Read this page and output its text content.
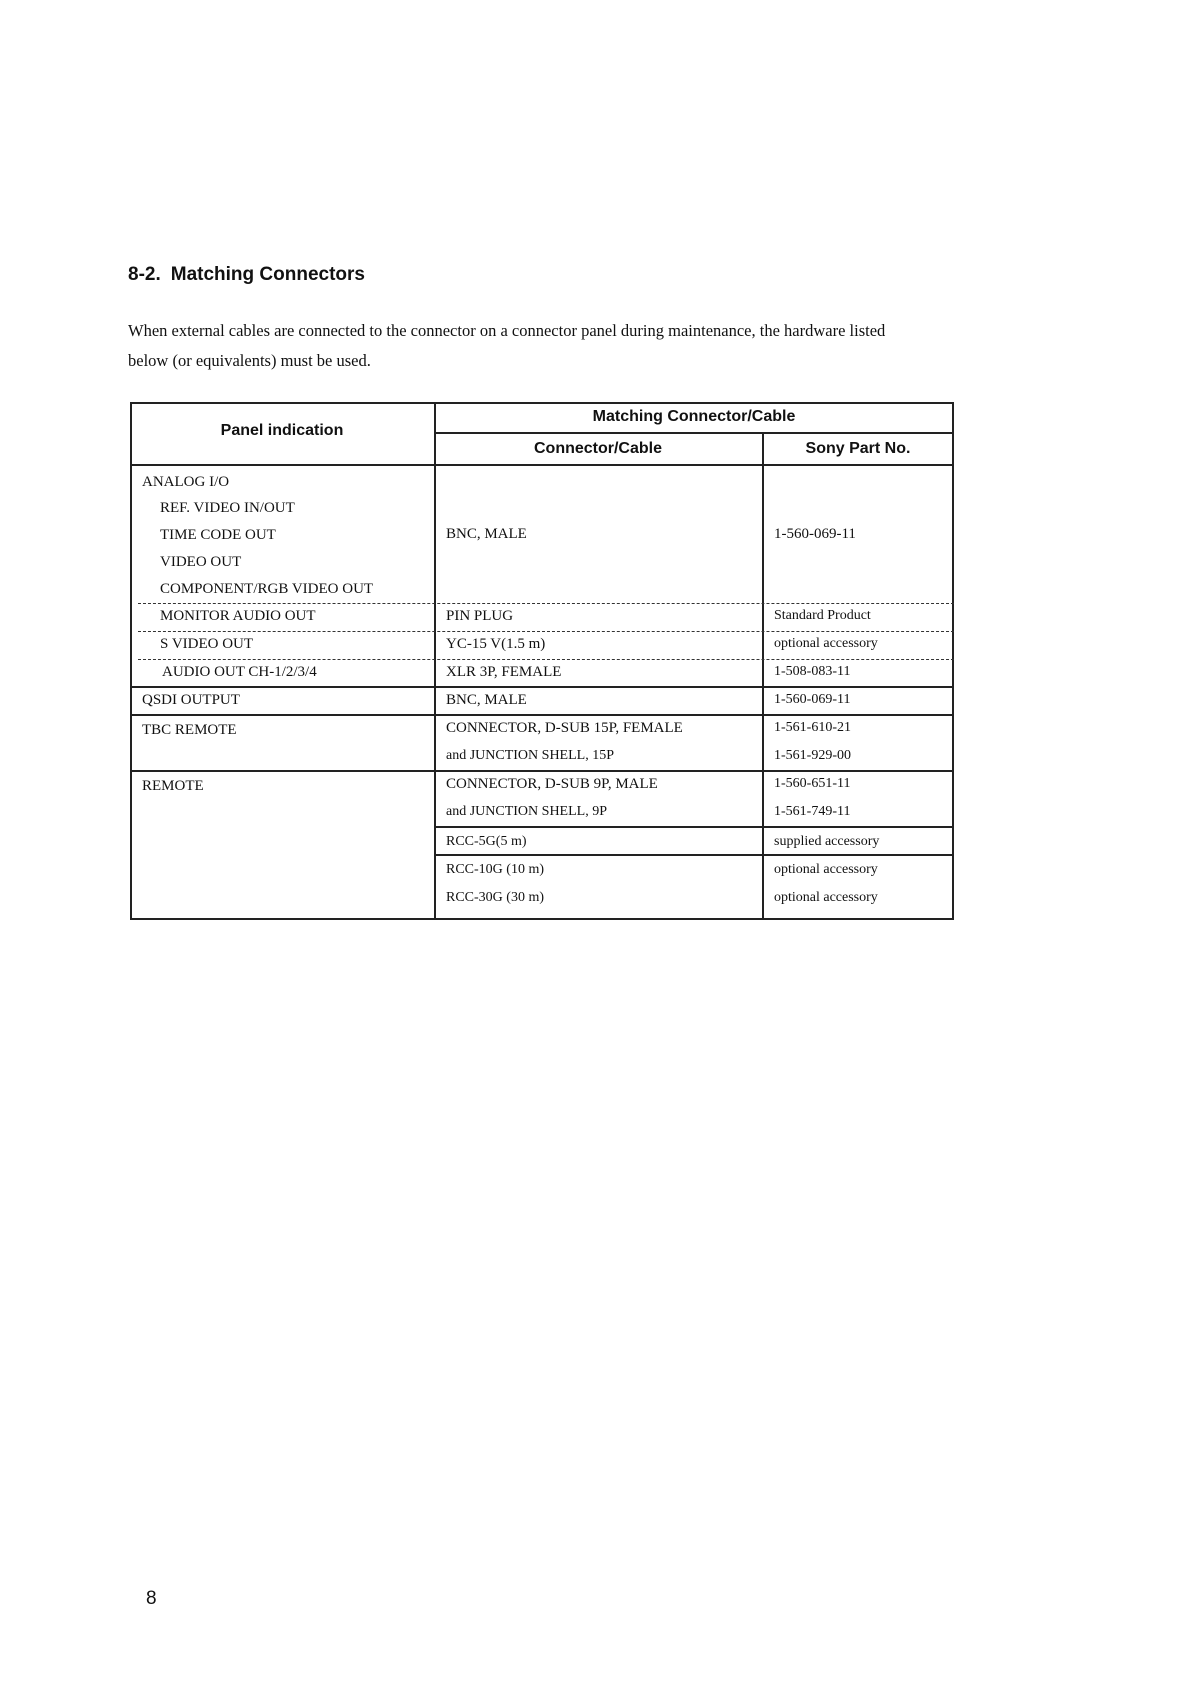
8-2. Matching Connectors

When external cables are connected to the connector on a connector panel during maintenance, the hardware listed

below (or equivalents) must be used.

Panel indication
Matching Connector/Cable
Connector/Cable	Sony Part No.
ANALOG I/O
REF. VIDEO IN/OUT
TIME CODE OUT
VIDEO OUT
COMPONENT/RGB VIDEO OUT
BNC, MALE	1-560-069-11
MONITOR AUDIO OUT	PIN PLUG	Standard Product
S VIDEO OUT	YC-15 V(1.5 m)	optional accessory
AUDIO OUT CH-1/2/3/4	XLR 3P, FEMALE	1-508-083-11
QSDI OUTPUT	BNC, MALE	1-560-069-11
TBC REMOTE	CONNECTOR, D-SUB 15P, FEMALE	1-561-610-21
and JUNCTION SHELL, 15P	1-561-929-00
REMOTE	CONNECTOR, D-SUB 9P, MALE	1-560-651-11
and JUNCTION SHELL, 9P	1-561-749-11
RCC-5G(5 m)	supplied accessory
RCC-10G (10 m)	optional accessory
RCC-30G (30 m)	optional accessory
8
